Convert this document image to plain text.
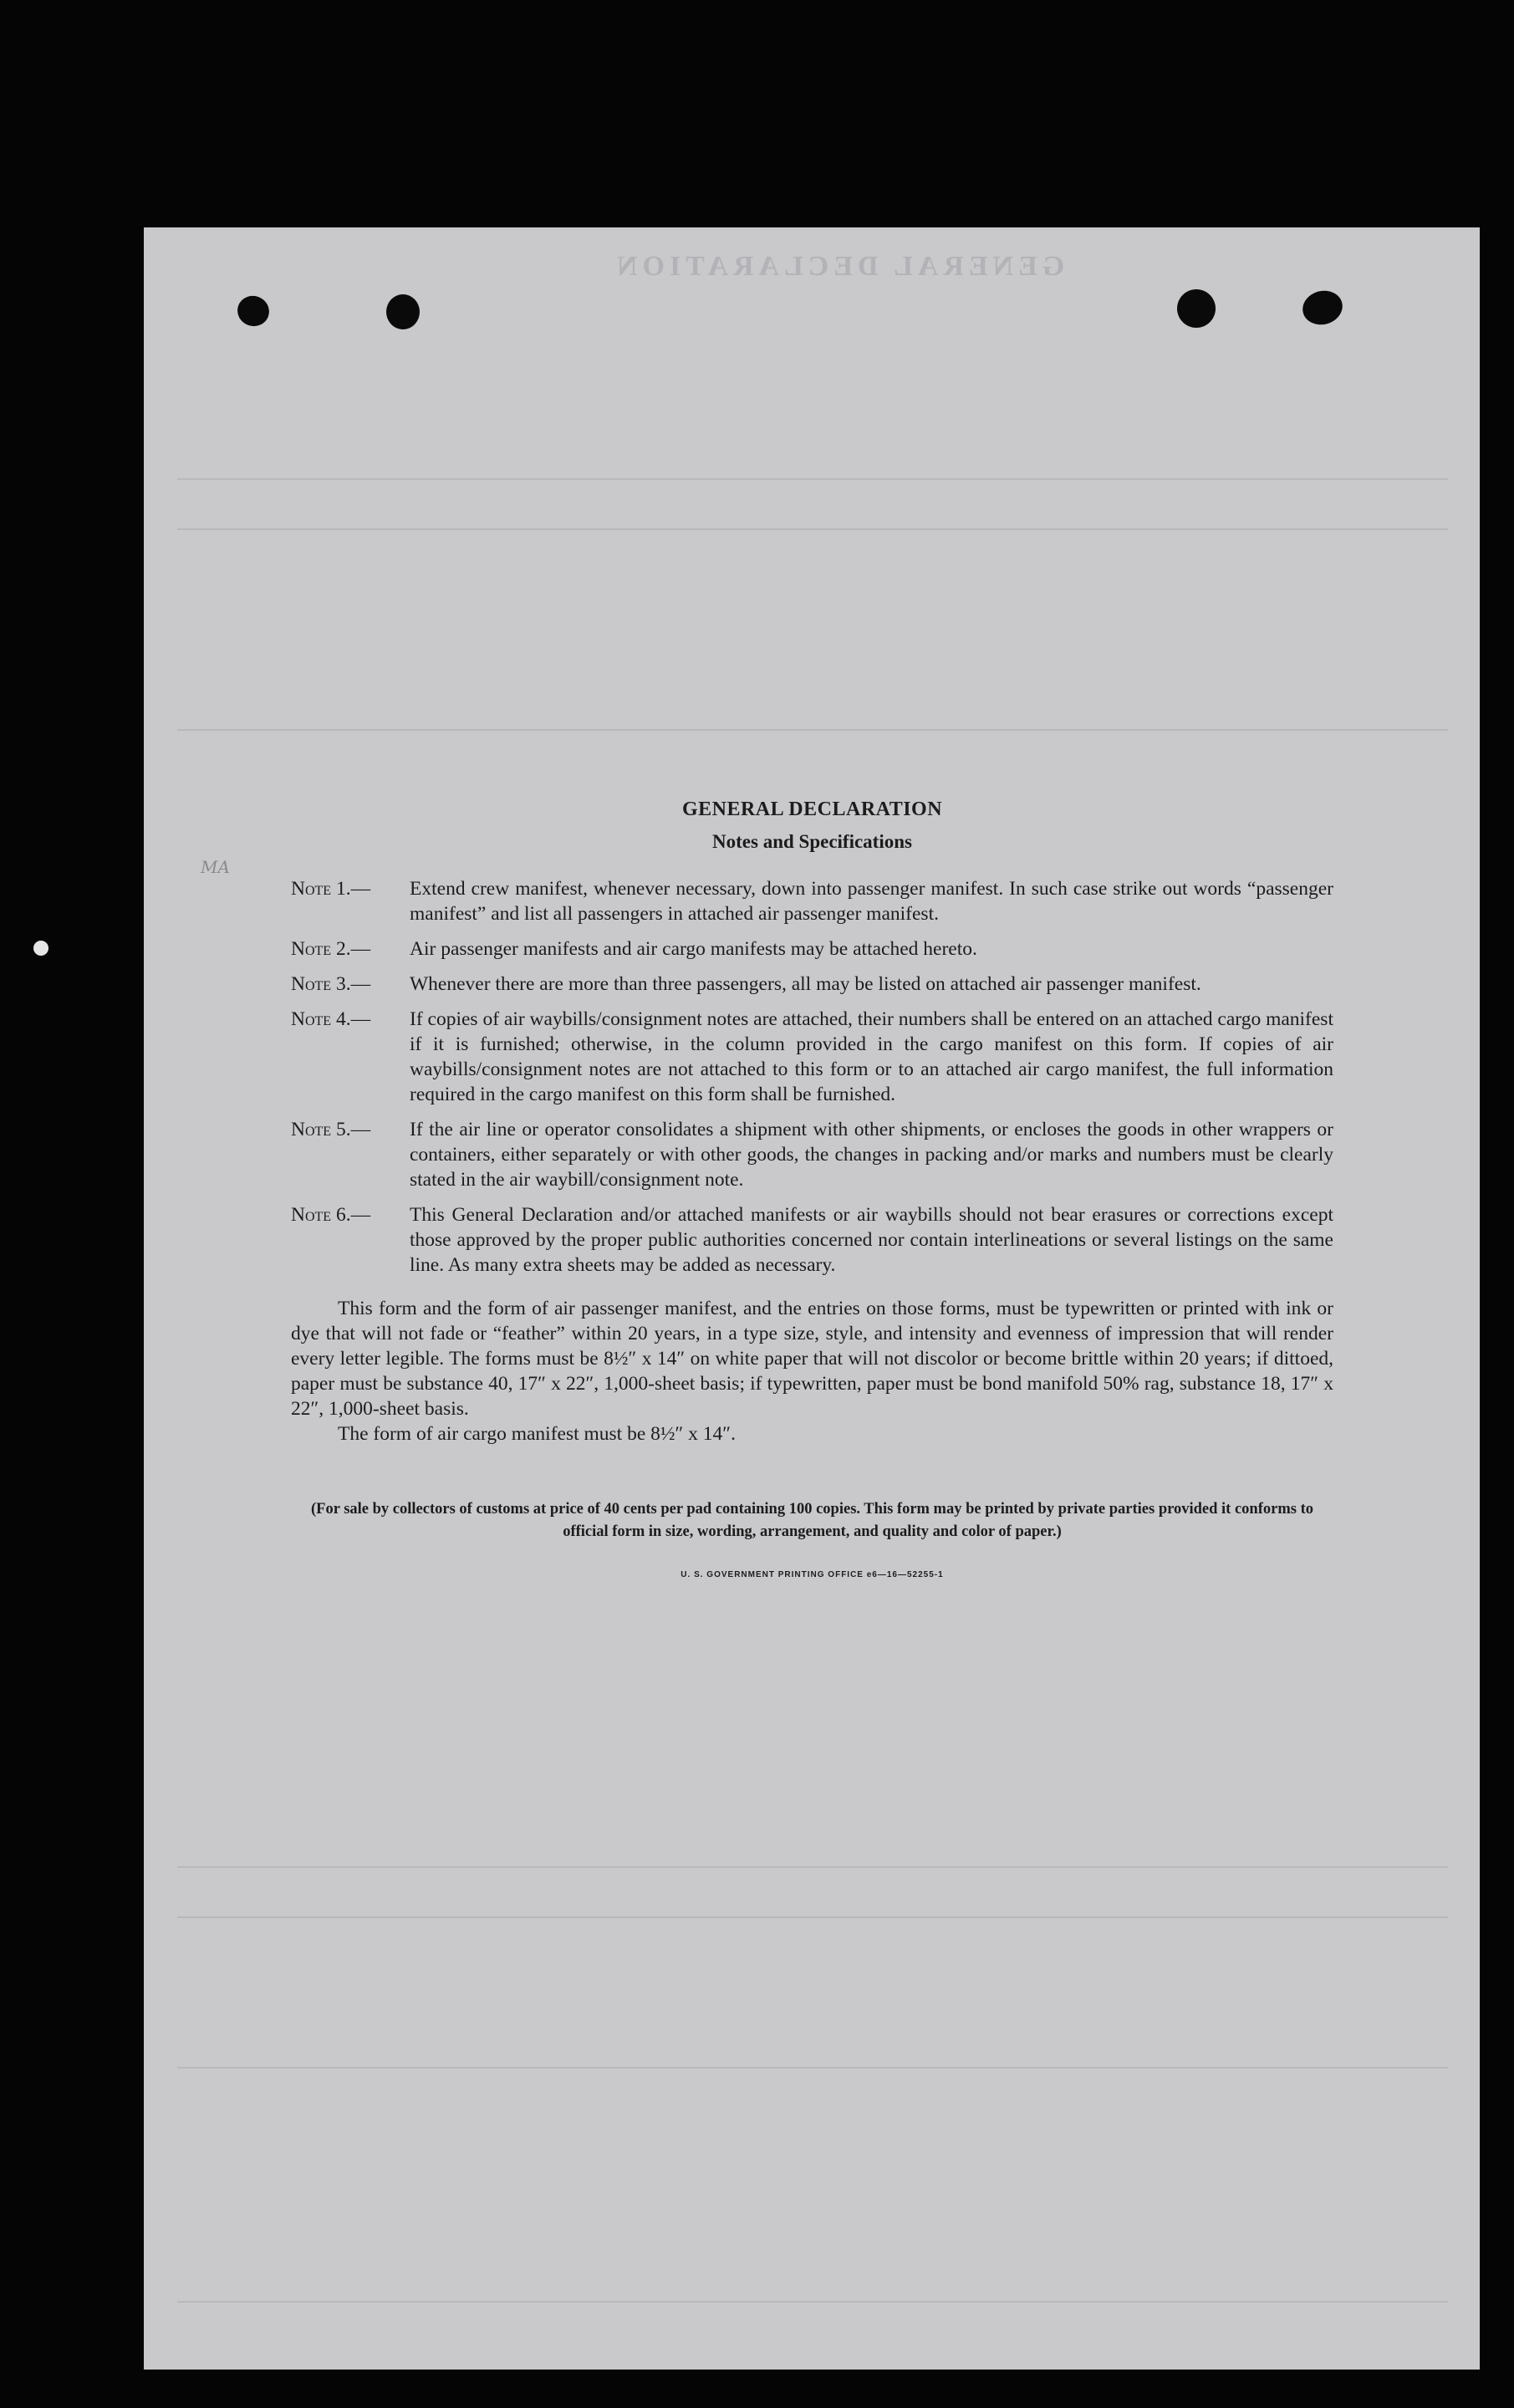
GENERAL DECLARATION
MA
GENERAL DECLARATION
Notes and Specifications
Note 1.—	Extend crew manifest, whenever necessary, down into passenger manifest. In such case strike out words “passenger manifest” and list all passengers in attached air passenger manifest.
Note 2.—	Air passenger manifests and air cargo manifests may be attached hereto.
Note 3.—	Whenever there are more than three passengers, all may be listed on attached air passenger manifest.
Note 4.—	If copies of air waybills/consignment notes are attached, their numbers shall be entered on an attached cargo manifest if it is furnished; otherwise, in the column provided in the cargo manifest on this form. If copies of air waybills/consignment notes are not attached to this form or to an attached air cargo manifest, the full information required in the cargo manifest on this form shall be furnished.
Note 5.—	If the air line or operator consolidates a shipment with other shipments, or encloses the goods in other wrappers or containers, either separately or with other goods, the changes in packing and/or marks and numbers must be clearly stated in the air waybill/consignment note.
Note 6.—	This General Declaration and/or attached manifests or air waybills should not bear erasures or corrections except those approved by the proper public authorities concerned nor contain interlineations or several listings on the same line. As many extra sheets may be added as necessary.
This form and the form of air passenger manifest, and the entries on those forms, must be typewritten or printed with ink or dye that will not fade or “feather” within 20 years, in a type size, style, and intensity and evenness of impression that will render every letter legible. The forms must be 8½″ x 14″ on white paper that will not discolor or become brittle within 20 years; if dittoed, paper must be substance 40, 17″ x 22″, 1,000-sheet basis; if typewritten, paper must be bond manifold 50% rag, substance 18, 17″ x 22″, 1,000-sheet basis.
The form of air cargo manifest must be 8½″ x 14″.
(For sale by collectors of customs at price of 40 cents per pad containing 100 copies. This form may be printed by private parties provided it conforms to official form in size, wording, arrangement, and quality and color of paper.)
U. S. GOVERNMENT PRINTING OFFICE e6—16—52255-1
